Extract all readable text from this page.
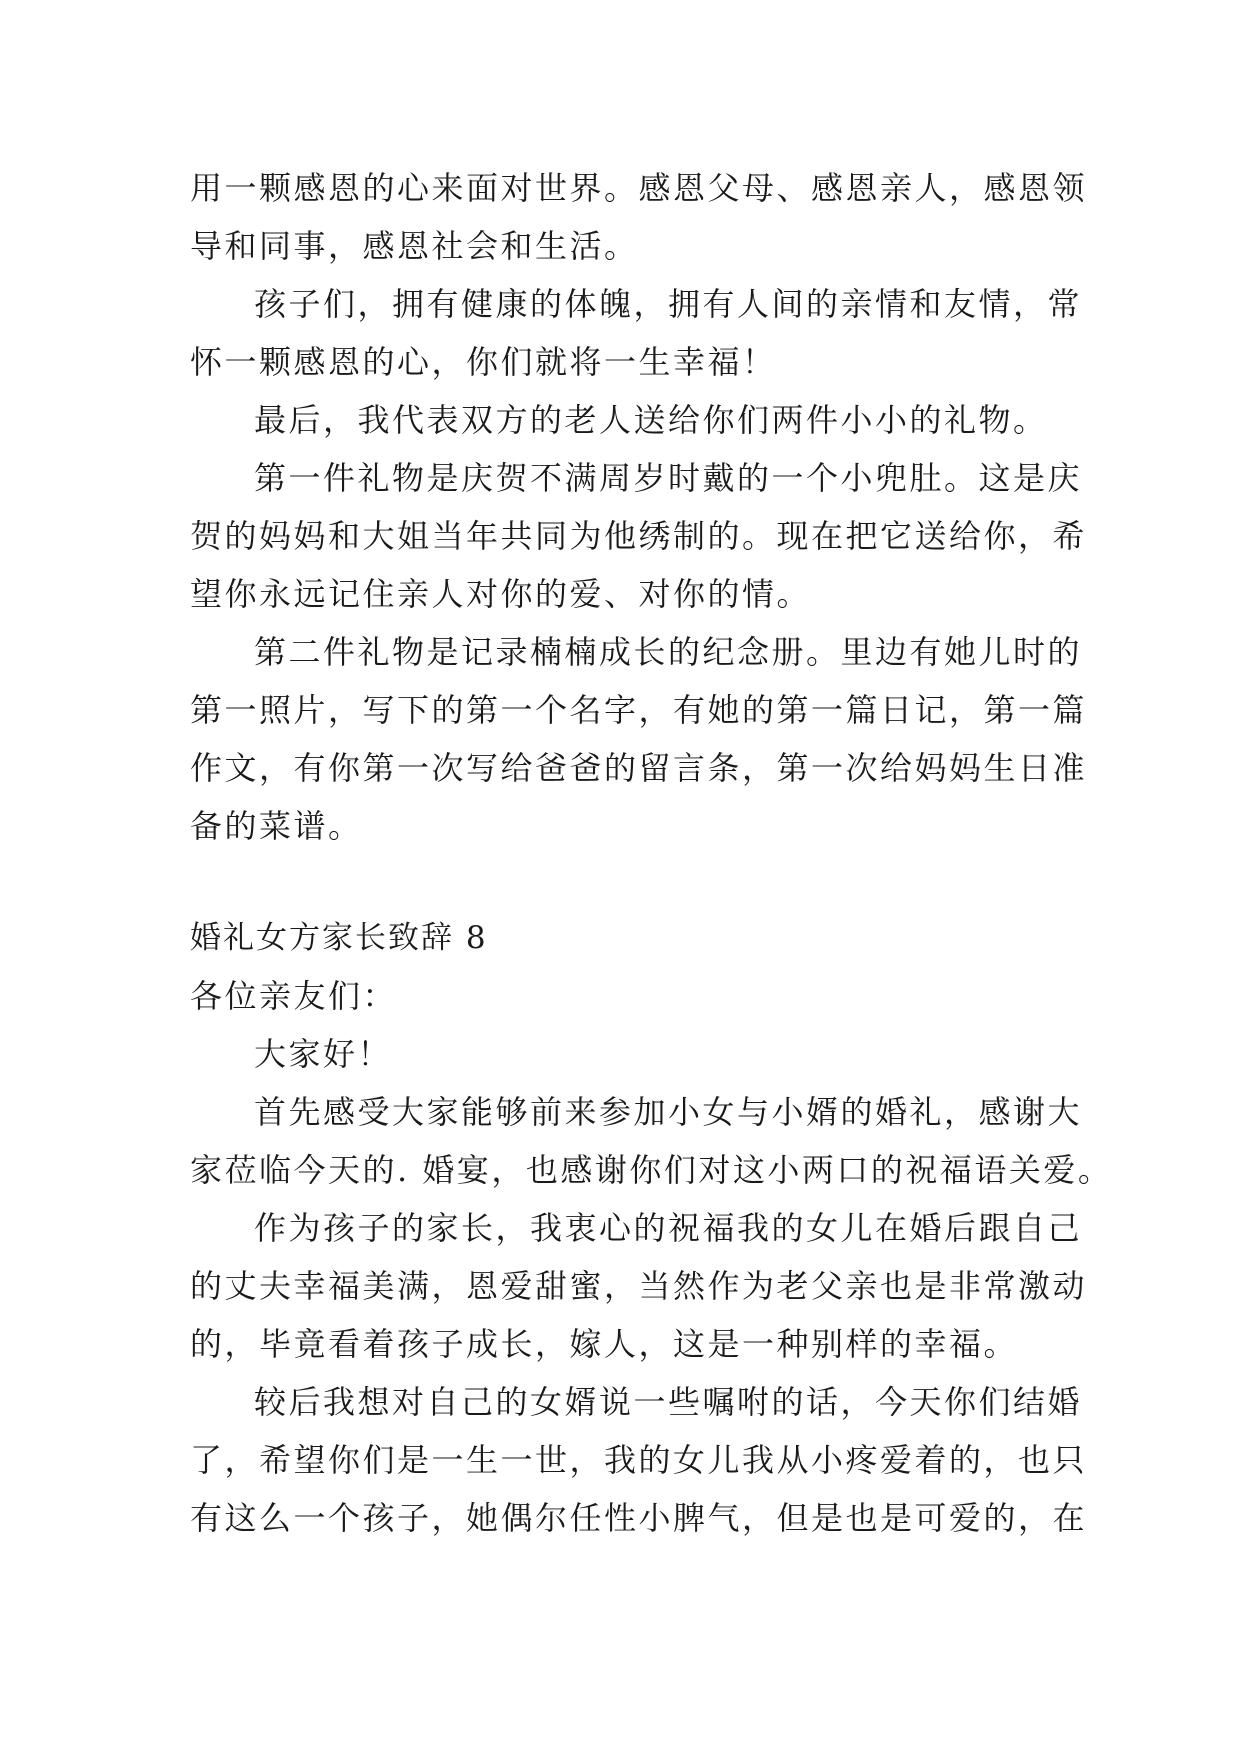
用一颗感恩的心来面对世界。感恩父母、感恩亲人，感恩领
导和同事，感恩社会和生活。
孩子们，拥有健康的体魄，拥有人间的亲情和友情，常
怀一颗感恩的心，你们就将一生幸福！
最后，我代表双方的老人送给你们两件小小的礼物。
第一件礼物是庆贺不满周岁时戴的一个小兜肚。这是庆
贺的妈妈和大姐当年共同为他绣制的。现在把它送给你，希
望你永远记住亲人对你的爱、对你的情。
第二件礼物是记录楠楠成长的纪念册。里边有她儿时的
第一照片，写下的第一个名字，有她的第一篇日记，第一篇
作文，有你第一次写给爸爸的留言条，第一次给妈妈生日准
备的菜谱。
婚礼女方家长致辞 8
各位亲友们：
大家好！
首先感受大家能够前来参加小女与小婿的婚礼，感谢大
家莅临今天的. 婚宴，也感谢你们对这小两口的祝福语关爱。
作为孩子的家长，我衷心的祝福我的女儿在婚后跟自己
的丈夫幸福美满，恩爱甜蜜，当然作为老父亲也是非常激动
的，毕竟看着孩子成长，嫁人，这是一种别样的幸福。
较后我想对自己的女婿说一些嘱咐的话，今天你们结婚
了，希望你们是一生一世，我的女儿我从小疼爱着的，也只
有这么一个孩子，她偶尔任性小脾气，但是也是可爱的，在
